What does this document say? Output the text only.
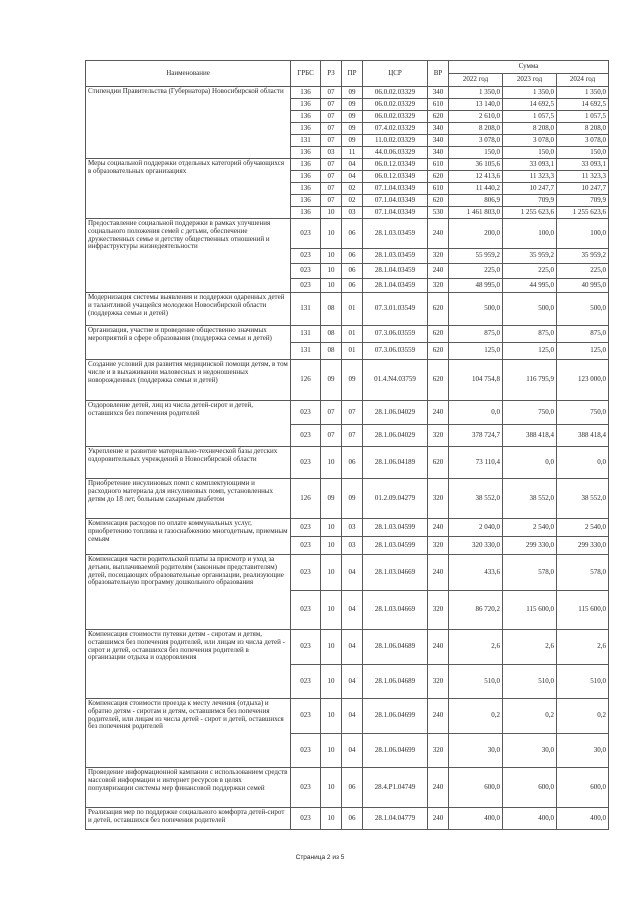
Наименование	ГРБС	РЗ	ПР	ЦСР	ВР	Сумма		
						2022 год	2023 год	2024 год
Стипендии Правительства (Губернатора) Новосибирской области	136	07	09	06.0.02.03329	340	1 350,0	1 350,0	1 350,0
	136	07	09	06.0.02.03329	610	13 140,0	14 692,5	14 692,5
	136	07	09	06.0.02.03329	620	2 610,0	1 057,5	1 057,5
	136	07	09	07.4.02.03329	340	8 208,0	8 208,0	8 208,0
	131	07	09	11.0.02.03329	340	3 078,0	3 078,0	3 078,0
	136	03	11	44.0.06.03329	340	150,0	150,0	150,0
Меры социальной поддержки отдельных категорий обучающихся в образовательных организациях	136	07	04	06.0.12.03349	610	36 105,6	33 093,1	33 093,1
	136	07	04	06.0.12.03349	620	12 413,6	11 323,3	11 323,3
	136	07	02	07.1.04.03349	610	11 440,2	10 247,7	10 247,7
	136	07	02	07.1.04.03349	620	806,9	709,9	709,9
	136	10	03	07.1.04.03349	530	1 461 803,0	1 255 623,6	1 255 623,6
Предоставление социальной поддержки в рамках улучшения социального положения семей с детьми, обеспечение дружественных семье и детству общественных отношений и инфраструктуры жизнедеятельности	023	10	06	28.1.03.03459	240	200,0	100,0	100,0
	023	10	06	28.1.03.03459	320	55 959,2	35 959,2	35 959,2
	023	10	06	28.1.04.03459	240	225,0	225,0	225,0
	023	10	06	28.1.04.03459	320	48 995,0	44 995,0	40 995,0
Модернизация системы выявления и поддержки одаренных детей и талантливой учащейся молодежи Новосибирской области (поддержка семьи и детей)	131	08	01	07.3.01.03549	620	500,0	500,0	500,0
Организация, участие и проведение общественно значимых мероприятий в сфере образования (поддержка семьи и детей)	131	08	01	07.3.06.03559	620	875,0	875,0	875,0
	131	08	01	07.3.06.03559	620	125,0	125,0	125,0
Создание условий для развития медицинской помощи детям, в том числе и в выхаживании маловесных и недоношенных новорожденных (поддержка семьи и детей)	126	09	09	01.4.N4.03759	620	104 754,8	116 795,9	123 000,0
Оздоровление детей, лиц из числа детей-сирот и детей, оставшихся без попечения родителей	023	07	07	28.1.06.04029	240	0,0	750,0	750,0
	023	07	07	28.1.06.04029	320	378 724,7	388 418,4	388 418,4
Укрепление и развитие материально-технической базы детских оздоровительных учреждений в Новосибирской области	023	10	06	28.1.06.04189	620	73 110,4	0,0	0,0
Приобретение инсулиновых помп с комплектующими и расходного материала для инсулиновых помп, установленных детям до 18 лет, больным сахарным диабетом	126	09	09	01.2.09.04279	320	38 552,0	38 552,0	38 552,0
Компенсация расходов по оплате коммунальных услуг, приобретению топлива и газоснабжению многодетным, приемным семьям	023	10	03	28.1.03.04599	240	2 040,0	2 540,0	2 540,0
	023	10	03	28.1.03.04599	320	320 330,0	299 330,0	299 330,0
Компенсация части родительской платы за присмотр и уход за детьми, выплачиваемой родителям (законным представителям) детей, посещающих образовательные организации, реализующие образовательную программу дошкольного образования	023	10	04	28.1.03.04669	240	433,6	578,0	578,0
	023	10	04	28.1.03.04669	320	86 720,2	115 600,0	115 600,0
Компенсация стоимости путевки детям - сиротам и детям, оставшимся без попечения родителей, или лицам из числа детей - сирот и детей, оставшихся без попечения родителей в организации отдыха и оздоровления	023	10	04	28.1.06.04689	240	2,6	2,6	2,6
	023	10	04	28.1.06.04689	320	510,0	510,0	510,0
Компенсация стоимости проезда к месту лечения (отдыха) и обратно детям - сиротам и детям, оставшимся без попечения родителей, или лицам из числа детей - сирот и детей, оставшихся без попечения родителей	023	10	04	28.1.06.04699	240	0,2	0,2	0,2
	023	10	04	28.1.06.04699	320	30,0	30,0	30,0
Проведение информационной кампании с использованием средств массовой информации и интернет ресурсов в целях популяризации системы мер финансовой поддержки семей	023	10	06	28.4.P1.04749	240	600,0	600,0	600,0
Реализация мер по поддержке социального комфорта детей-сирот и детей, оставшихся без попечения родителей	023	10	06	28.1.04.04779	240	400,0	400,0	400,0
Страница 2 из 5
